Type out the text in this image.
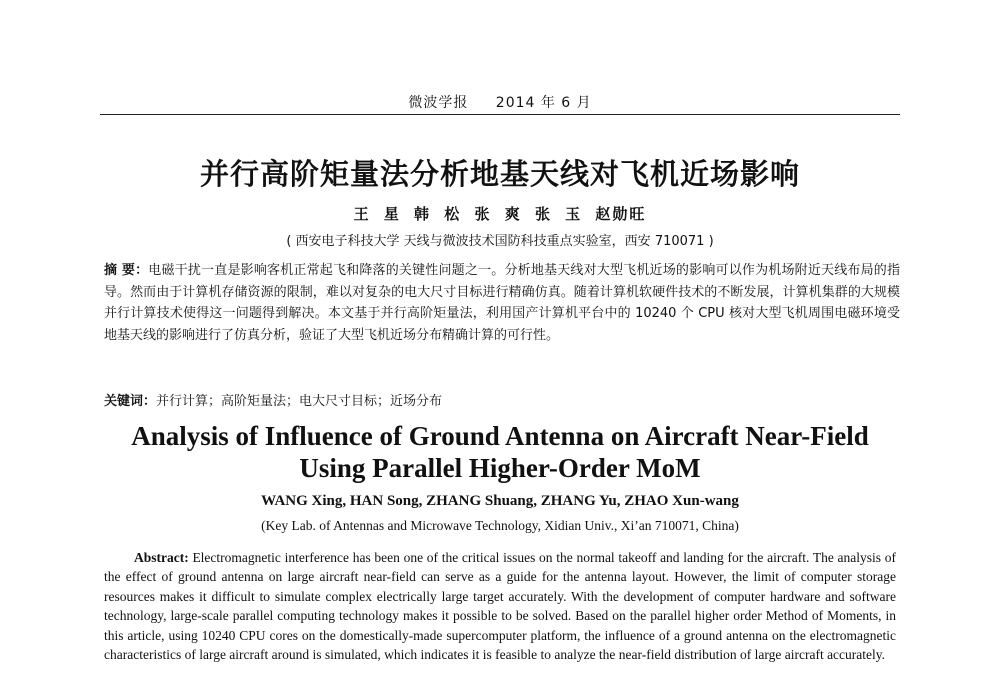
微波学报 2014 年 6 月
并行高阶矩量法分析地基天线对飞机近场影响
王 星 韩 松 张 爽 张 玉 赵勋旺
( 西安电子科技大学 天线与微波技术国防科技重点实验室，西安 710071 )
摘 要：电磁干扰一直是影响客机正常起飞和降落的关键性问题之一。分析地基天线对大型飞机近场的影响可以作为机场附近天线布局的指导。然而由于计算机存储资源的限制，难以对复杂的电大尺寸目标进行精确仿真。随着计算机软硬件技术的不断发展，计算机集群的大规模并行计算技术使得这一问题得到解决。本文基于并行高阶矩量法，利用国产计算机平台中的 10240 个 CPU 核对大型飞机周围电磁环境受地基天线的影响进行了仿真分析，验证了大型飞机近场分布精确计算的可行性。
关键词：并行计算；高阶矩量法；电大尺寸目标；近场分布
Analysis of Influence of Ground Antenna on Aircraft Near-Field
Using Parallel Higher-Order MoM
WANG Xing, HAN Song, ZHANG Shuang, ZHANG Yu, ZHAO Xun-wang
(Key Lab. of Antennas and Microwave Technology, Xidian Univ., Xi’an 710071, China)
Abstract: Electromagnetic interference has been one of the critical issues on the normal takeoff and landing for the aircraft. The analysis of the effect of ground antenna on large aircraft near-field can serve as a guide for the antenna layout. However, the limit of computer storage resources makes it difficult to simulate complex electrically large target accurately. With the development of computer hardware and software technology, large-scale parallel computing technology makes it possible to be solved. Based on the parallel higher order Method of Moments, in this article, using 10240 CPU cores on the domestically-made supercomputer platform, the influence of a ground antenna on the electromagnetic characteristics of large aircraft around is simulated, which indicates it is feasible to analyze the near-field distribution of large aircraft accurately.
